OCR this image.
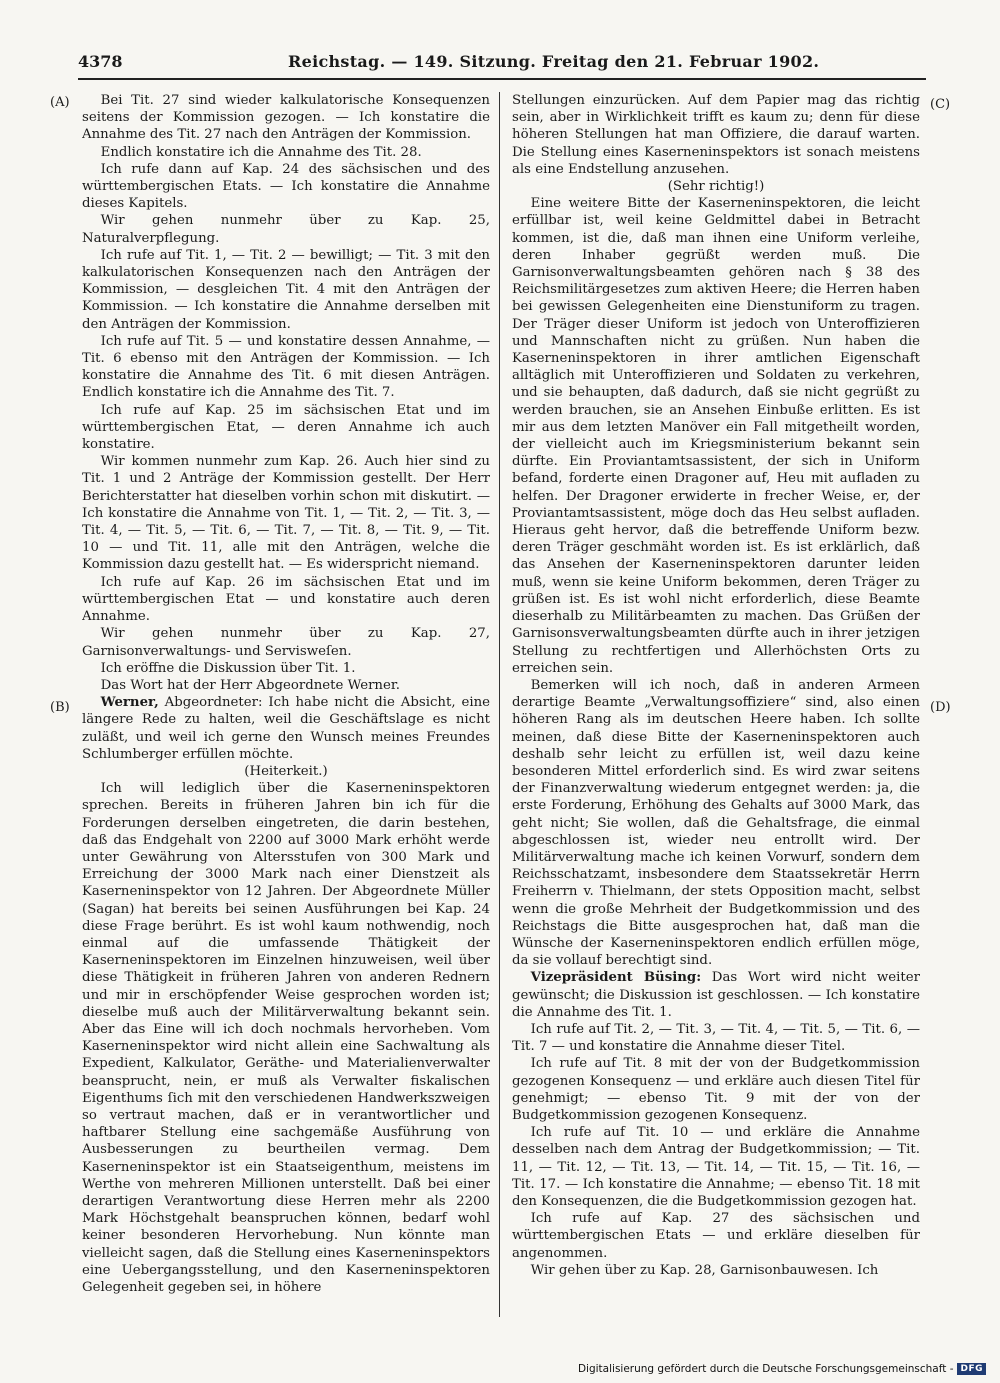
4378	Reichstag. — 149. Sitzung. Freitag den 21. Februar 1902.
(A)
(B)
(C)
(D)

Bei Tit. 27 sind wieder kalkulatorische Konsequenzen seitens der Kommission gezogen. — Ich konstatire die Annahme des Tit. 27 nach den Anträgen der Kommission.

Endlich konstatire ich die Annahme des Tit. 28.

Ich rufe dann auf Kap. 24 des sächsischen und des württembergischen Etats. — Ich konstatire die Annahme dieses Kapitels.

Wir gehen nunmehr über zu Kap. 25, Naturalverpflegung.

Ich rufe auf Tit. 1, — Tit. 2 — bewilligt; — Tit. 3 mit den kalkulatorischen Konsequenzen nach den Anträgen der Kommission, — desgleichen Tit. 4 mit den Anträgen der Kommission. — Ich konstatire die Annahme derselben mit den Anträgen der Kommission.

Ich rufe auf Tit. 5 — und konstatire dessen Annahme, — Tit. 6 ebenso mit den Anträgen der Kommission. — Ich konstatire die Annahme des Tit. 6 mit diesen Anträgen. Endlich konstatire ich die Annahme des Tit. 7.

Ich rufe auf Kap. 25 im sächsischen Etat und im württembergischen Etat, — deren Annahme ich auch konstatire.

Wir kommen nunmehr zum Kap. 26. Auch hier sind zu Tit. 1 und 2 Anträge der Kommission gestellt. Der Herr Berichterstatter hat dieselben vorhin schon mit diskutirt. — Ich konstatire die Annahme von Tit. 1, — Tit. 2, — Tit. 3, — Tit. 4, — Tit. 5, — Tit. 6, — Tit. 7, — Tit. 8, — Tit. 9, — Tit. 10 — und Tit. 11, alle mit den Anträgen, welche die Kommission dazu gestellt hat. — Es widerspricht niemand.

Ich rufe auf Kap. 26 im sächsischen Etat und im württembergischen Etat — und konstatire auch deren Annahme.

Wir gehen nunmehr über zu Kap. 27, Garnisonverwaltungs- und Servisweſen.

Ich eröffne die Diskussion über Tit. 1.

Das Wort hat der Herr Abgeordnete Werner.

Werner, Abgeordneter: Ich habe nicht die Absicht, eine längere Rede zu halten, weil die Geschäftslage es nicht zuläßt, und weil ich gerne den Wunsch meines Freundes Schlumberger erfüllen möchte.

(Heiterkeit.)

Ich will lediglich über die Kaserneninspektoren sprechen. Bereits in früheren Jahren bin ich für die Forderungen derselben eingetreten, die darin bestehen, daß das Endgehalt von 2200 auf 3000 Mark erhöht werde unter Gewährung von Altersstufen von 300 Mark und Erreichung der 3000 Mark nach einer Dienstzeit als Kaserneninspektor von 12 Jahren. Der Abgeordnete Müller (Sagan) hat bereits bei seinen Ausführungen bei Kap. 24 diese Frage berührt. Es ist wohl kaum nothwendig, noch einmal auf die umfassende Thätigkeit der Kaserneninspektoren im Einzelnen hinzuweisen, weil über diese Thätigkeit in früheren Jahren von anderen Rednern und mir in erschöpfender Weise gesprochen worden ist; dieselbe muß auch der Militärverwaltung bekannt sein. Aber das Eine will ich doch nochmals hervorheben. Vom Kaserneninspektor wird nicht allein eine Sachwaltung als Expedient, Kalkulator, Geräthe- und Materialienverwalter beansprucht, nein, er muß als Verwalter fiskalischen Eigenthums ſich mit den verschiedenen Handwerkszweigen so vertraut machen, daß er in verantwortlicher und haftbarer Stellung eine sachgemäße Ausführung von Ausbesserungen zu beurtheilen vermag. Dem Kaserneninspektor ist ein Staatseigenthum, meistens im Werthe von mehreren Millionen unterstellt. Daß bei einer derartigen Verantwortung diese Herren mehr als 2200 Mark Höchstgehalt beanspruchen können, bedarf wohl keiner besonderen Hervorhebung. Nun könnte man vielleicht sagen, daß die Stellung eines Kaserneninspektors eine Uebergangsstellung, und den Kaserneninspektoren Gelegenheit gegeben sei, in höhere

Stellungen einzurücken. Auf dem Papier mag das richtig sein, aber in Wirklichkeit trifft es kaum zu; denn für diese höheren Stellungen hat man Offiziere, die darauf warten. Die Stellung eines Kaserneninspektors ist sonach meistens als eine Endstellung anzusehen.

(Sehr richtig!)

Eine weitere Bitte der Kaserneninspektoren, die leicht erfüllbar ist, weil keine Geldmittel dabei in Betracht kommen, ist die, daß man ihnen eine Uniform verleihe, deren Inhaber gegrüßt werden muß. Die Garnisonverwaltungsbeamten gehören nach § 38 des Reichsmilitärgesetzes zum aktiven Heere; die Herren haben bei gewissen Gelegenheiten eine Dienstuniform zu tragen. Der Träger dieser Uniform ist jedoch von Unteroffizieren und Mannschaften nicht zu grüßen. Nun haben die Kaserneninspektoren in ihrer amtlichen Eigenschaft alltäglich mit Unteroffizieren und Soldaten zu verkehren, und sie behaupten, daß dadurch, daß sie nicht gegrüßt zu werden brauchen, sie an Ansehen Einbuße erlitten. Es ist mir aus dem letzten Manöver ein Fall mitgetheilt worden, der vielleicht auch im Kriegsministerium bekannt sein dürfte. Ein Proviantamtsassistent, der sich in Uniform befand, forderte einen Dragoner auf, Heu mit aufladen zu helfen. Der Dragoner erwiderte in frecher Weise, er, der Proviantamtsassistent, möge doch das Heu selbst aufladen. Hieraus geht hervor, daß die betreffende Uniform bezw. deren Träger geschmäht worden ist. Es ist erklärlich, daß das Ansehen der Kaserneninspektoren darunter leiden muß, wenn sie keine Uniform bekommen, deren Träger zu grüßen ist. Es ist wohl nicht erforderlich, diese Beamte dieserhalb zu Militärbeamten zu machen. Das Grüßen der Garnisonsverwaltungsbeamten dürfte auch in ihrer jetzigen Stellung zu rechtfertigen und Allerhöchsten Orts zu erreichen sein.

Bemerken will ich noch, daß in anderen Armeen derartige Beamte „Verwaltungsoffiziere“ sind, also einen höheren Rang als im deutschen Heere haben. Ich sollte meinen, daß diese Bitte der Kaserneninspektoren auch deshalb sehr leicht zu erfüllen ist, weil dazu keine besonderen Mittel erforderlich sind. Es wird zwar seitens der Finanzverwaltung wiederum entgegnet werden: ja, die erste Forderung, Erhöhung des Gehalts auf 3000 Mark, das geht nicht; Sie wollen, daß die Gehaltsfrage, die einmal abgeschlossen ist, wieder neu entrollt wird. Der Militärverwaltung mache ich keinen Vorwurf, sondern dem Reichsschatzamt, insbesondere dem Staatssekretär Herrn Freiherrn v. Thielmann, der stets Opposition macht, selbst wenn die große Mehrheit der Budgetkommission und des Reichstags die Bitte ausgesprochen hat, daß man die Wünsche der Kaserneninspektoren endlich erfüllen möge, da sie vollauf berechtigt sind.

Vizepräsident Büsing: Das Wort wird nicht weiter gewünscht; die Diskussion ist geschlossen. — Ich konstatire die Annahme des Tit. 1.

Ich rufe auf Tit. 2, — Tit. 3, — Tit. 4, — Tit. 5, — Tit. 6, — Tit. 7 — und konstatire die Annahme dieser Titel.

Ich rufe auf Tit. 8 mit der von der Budgetkommission gezogenen Konsequenz — und erkläre auch diesen Titel für genehmigt; — ebenso Tit. 9 mit der von der Budgetkommission gezogenen Konsequenz.

Ich rufe auf Tit. 10 — und erkläre die Annahme desselben nach dem Antrag der Budgetkommission; — Tit. 11, — Tit. 12, — Tit. 13, — Tit. 14, — Tit. 15, — Tit. 16, — Tit. 17. — Ich konstatire die Annahme; — ebenso Tit. 18 mit den Konsequenzen, die die Budgetkommission gezogen hat.

Ich rufe auf Kap. 27 des sächsischen und württembergischen Etats — und erkläre dieselben für angenommen.

Wir gehen über zu Kap. 28, Garnisonbauwesen. Ich

Digitalisierung gefördert durch die Deutsche Forschungsgemeinschaft - DFG
